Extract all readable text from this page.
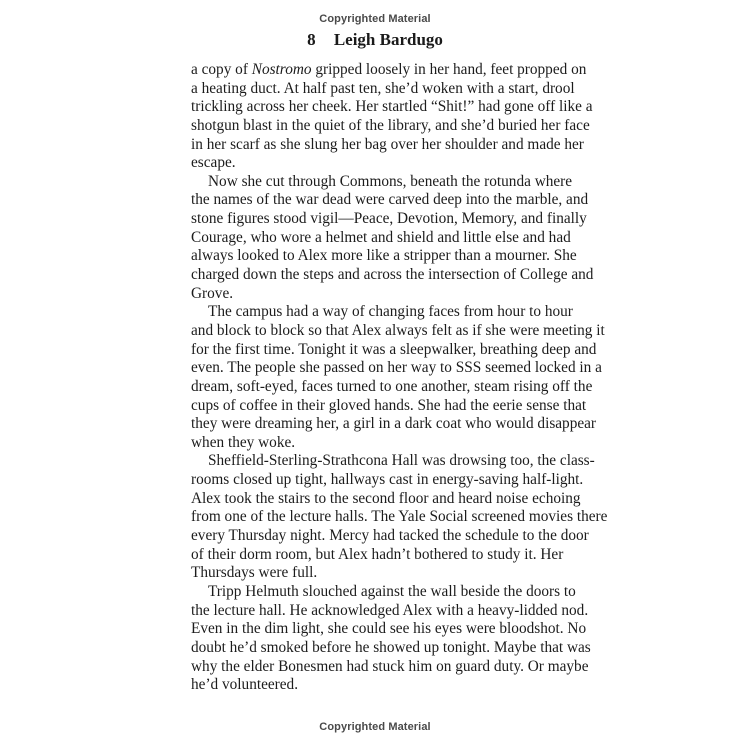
Copyrighted Material
8 Leigh Bardugo
a copy of Nostromo gripped loosely in her hand, feet propped on
a heating duct. At half past ten, she’d woken with a start, drool
trickling across her cheek. Her startled “Shit!” had gone off like a
shotgun blast in the quiet of the library, and she’d buried her face
in her scarf as she slung her bag over her shoulder and made her
escape.
Now she cut through Commons, beneath the rotunda where
the names of the war dead were carved deep into the marble, and
stone figures stood vigil—Peace, Devotion, Memory, and finally
Courage, who wore a helmet and shield and little else and had
always looked to Alex more like a stripper than a mourner. She
charged down the steps and across the intersection of College and
Grove.
The campus had a way of changing faces from hour to hour
and block to block so that Alex always felt as if she were meeting it
for the first time. Tonight it was a sleepwalker, breathing deep and
even. The people she passed on her way to SSS seemed locked in a
dream, soft-eyed, faces turned to one another, steam rising off the
cups of coffee in their gloved hands. She had the eerie sense that
they were dreaming her, a girl in a dark coat who would disappear
when they woke.
Sheffield-Sterling-Strathcona Hall was drowsing too, the class-
rooms closed up tight, hallways cast in energy-saving half-light.
Alex took the stairs to the second floor and heard noise echoing
from one of the lecture halls. The Yale Social screened movies there
every Thursday night. Mercy had tacked the schedule to the door
of their dorm room, but Alex hadn’t bothered to study it. Her
Thursdays were full.
Tripp Helmuth slouched against the wall beside the doors to
the lecture hall. He acknowledged Alex with a heavy-lidded nod.
Even in the dim light, she could see his eyes were bloodshot. No
doubt he’d smoked before he showed up tonight. Maybe that was
why the elder Bonesmen had stuck him on guard duty. Or maybe
he’d volunteered.
Copyrighted Material
